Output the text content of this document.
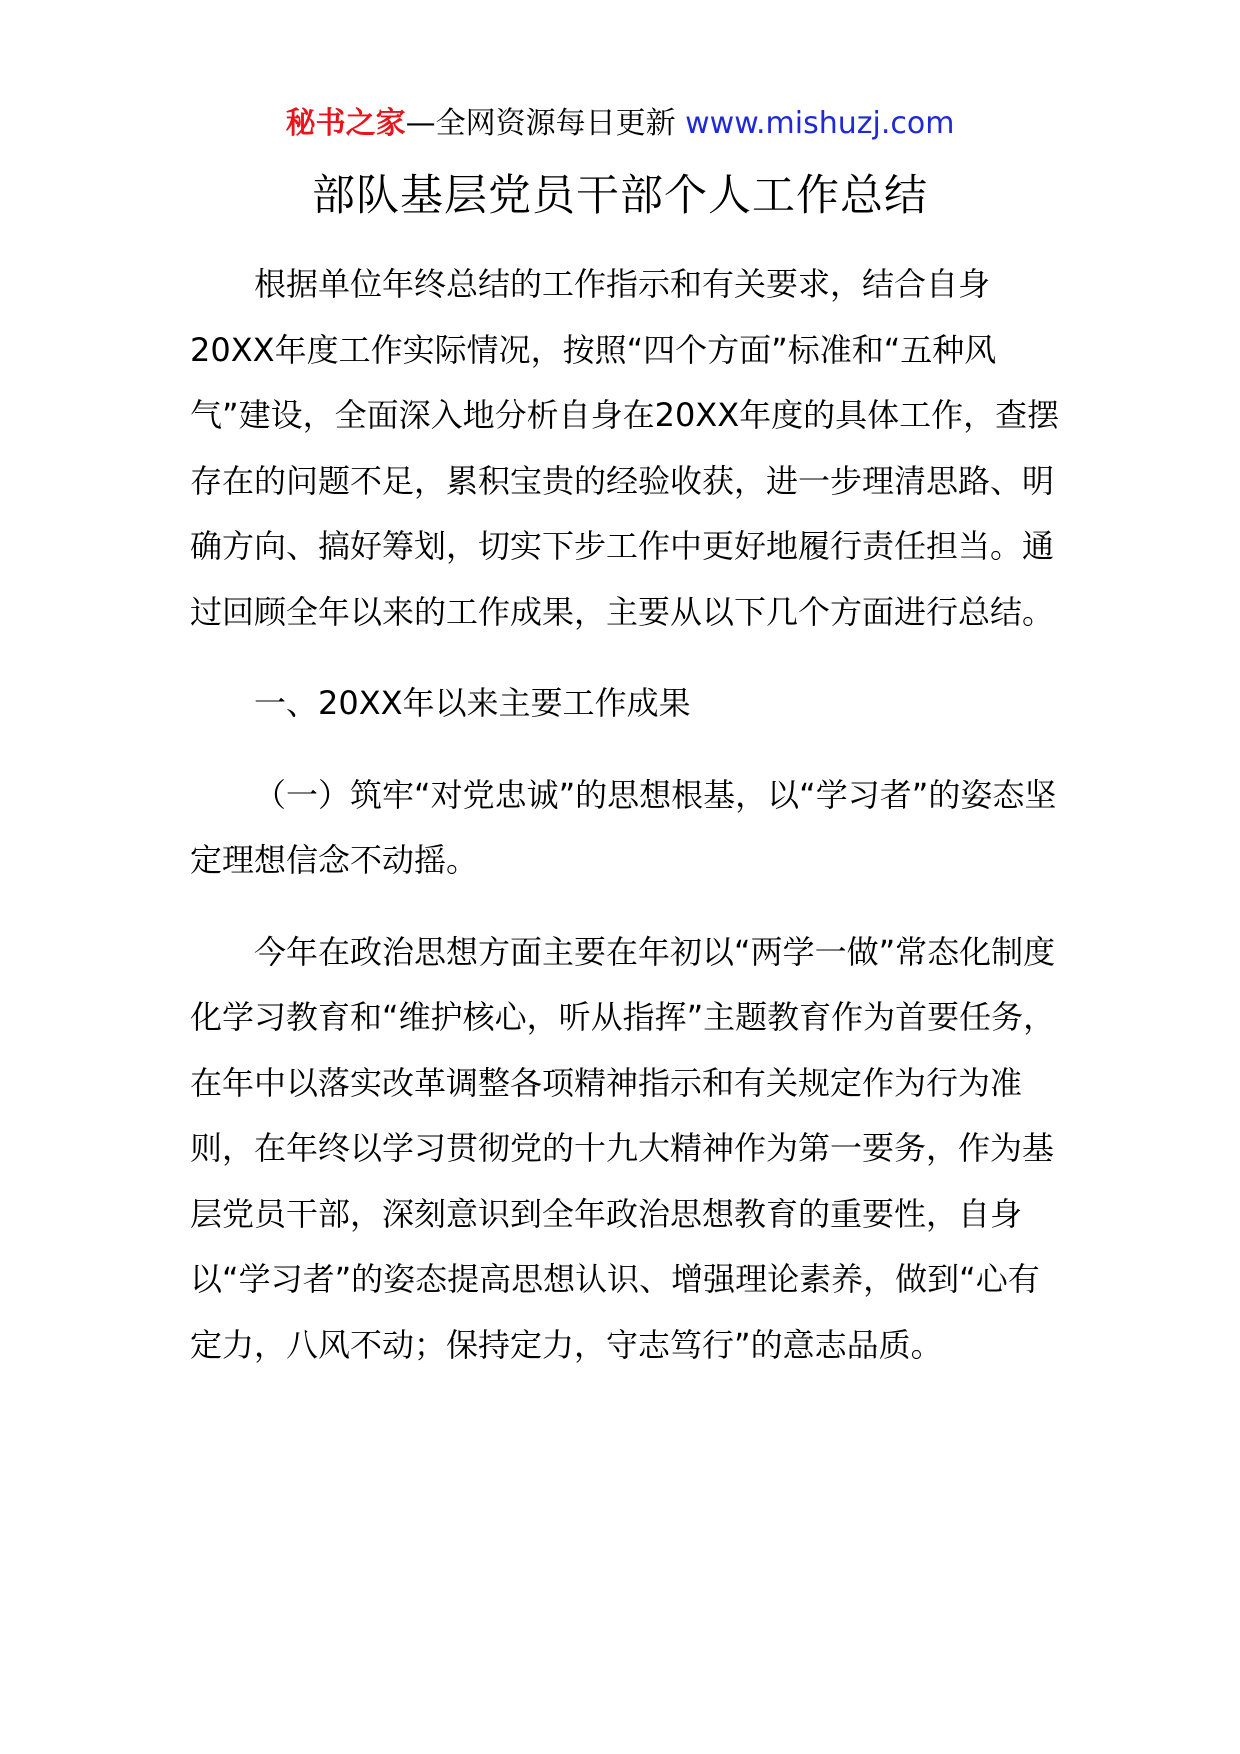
秘书之家—全网资源每日更新 www.mishuzj.com
部队基层党员干部个人工作总结

根据单位年终总结的工作指示和有关要求，结合自身20XX年度工作实际情况，按照“四个方面”标准和“五种风气”建设，全面深入地分析自身在20XX年度的具体工作，查摆存在的问题不足，累积宝贵的经验收获，进一步理清思路、明确方向、搞好筹划，切实下步工作中更好地履行责任担当。通过回顾全年以来的工作成果，主要从以下几个方面进行总结。

一、20XX年以来主要工作成果

（一）筑牢“对党忠诚”的思想根基，以“学习者”的姿态坚定理想信念不动摇。

今年在政治思想方面主要在年初以“两学一做”常态化制度化学习教育和“维护核心，听从指挥”主题教育作为首要任务，在年中以落实改革调整各项精神指示和有关规定作为行为准则，在年终以学习贯彻党的十九大精神作为第一要务，作为基层党员干部，深刻意识到全年政治思想教育的重要性，自身以“学习者”的姿态提高思想认识、增强理论素养，做到“心有定力，八风不动；保持定力，守志笃行”的意志品质。
